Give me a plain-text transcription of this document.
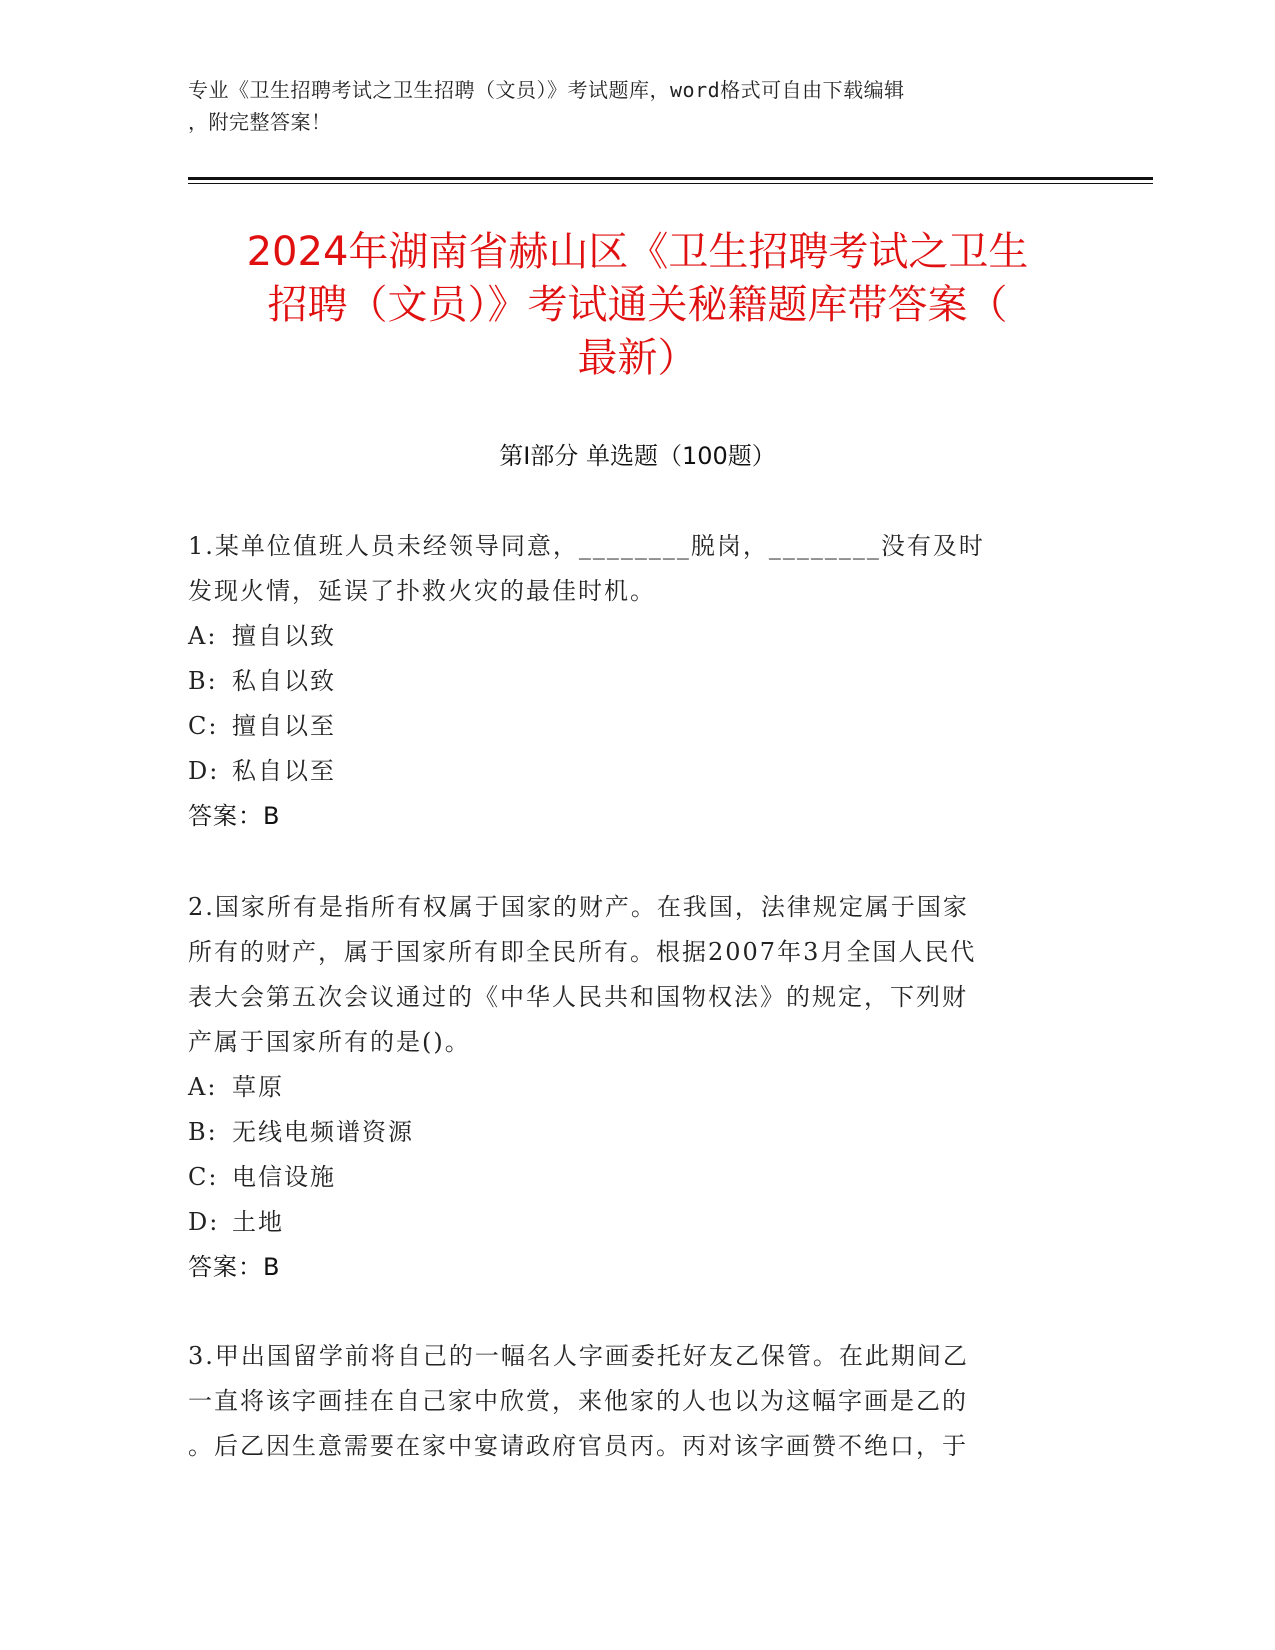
专业《卫生招聘考试之卫生招聘（文员）》考试题库，word格式可自由下载编辑
，附完整答案！
2024年湖南省赫山区《卫生招聘考试之卫生
招聘（文员）》考试通关秘籍题库带答案（
最新）
第I部分 单选题（100题）
1.某单位值班人员未经领导同意，________脱岗，________没有及时
发现火情，延误了扑救火灾的最佳时机。
A: 擅自以致
B: 私自以致
C: 擅自以至
D: 私自以至
答案：B
2.国家所有是指所有权属于国家的财产。在我国，法律规定属于国家
所有的财产，属于国家所有即全民所有。根据2007年3月全国人民代
表大会第五次会议通过的《中华人民共和国物权法》的规定，下列财
产属于国家所有的是()。
A: 草原
B: 无线电频谱资源
C: 电信设施
D: 土地
答案：B
3.甲出国留学前将自己的一幅名人字画委托好友乙保管。在此期间乙
一直将该字画挂在自己家中欣赏，来他家的人也以为这幅字画是乙的
。后乙因生意需要在家中宴请政府官员丙。丙对该字画赞不绝口，于
